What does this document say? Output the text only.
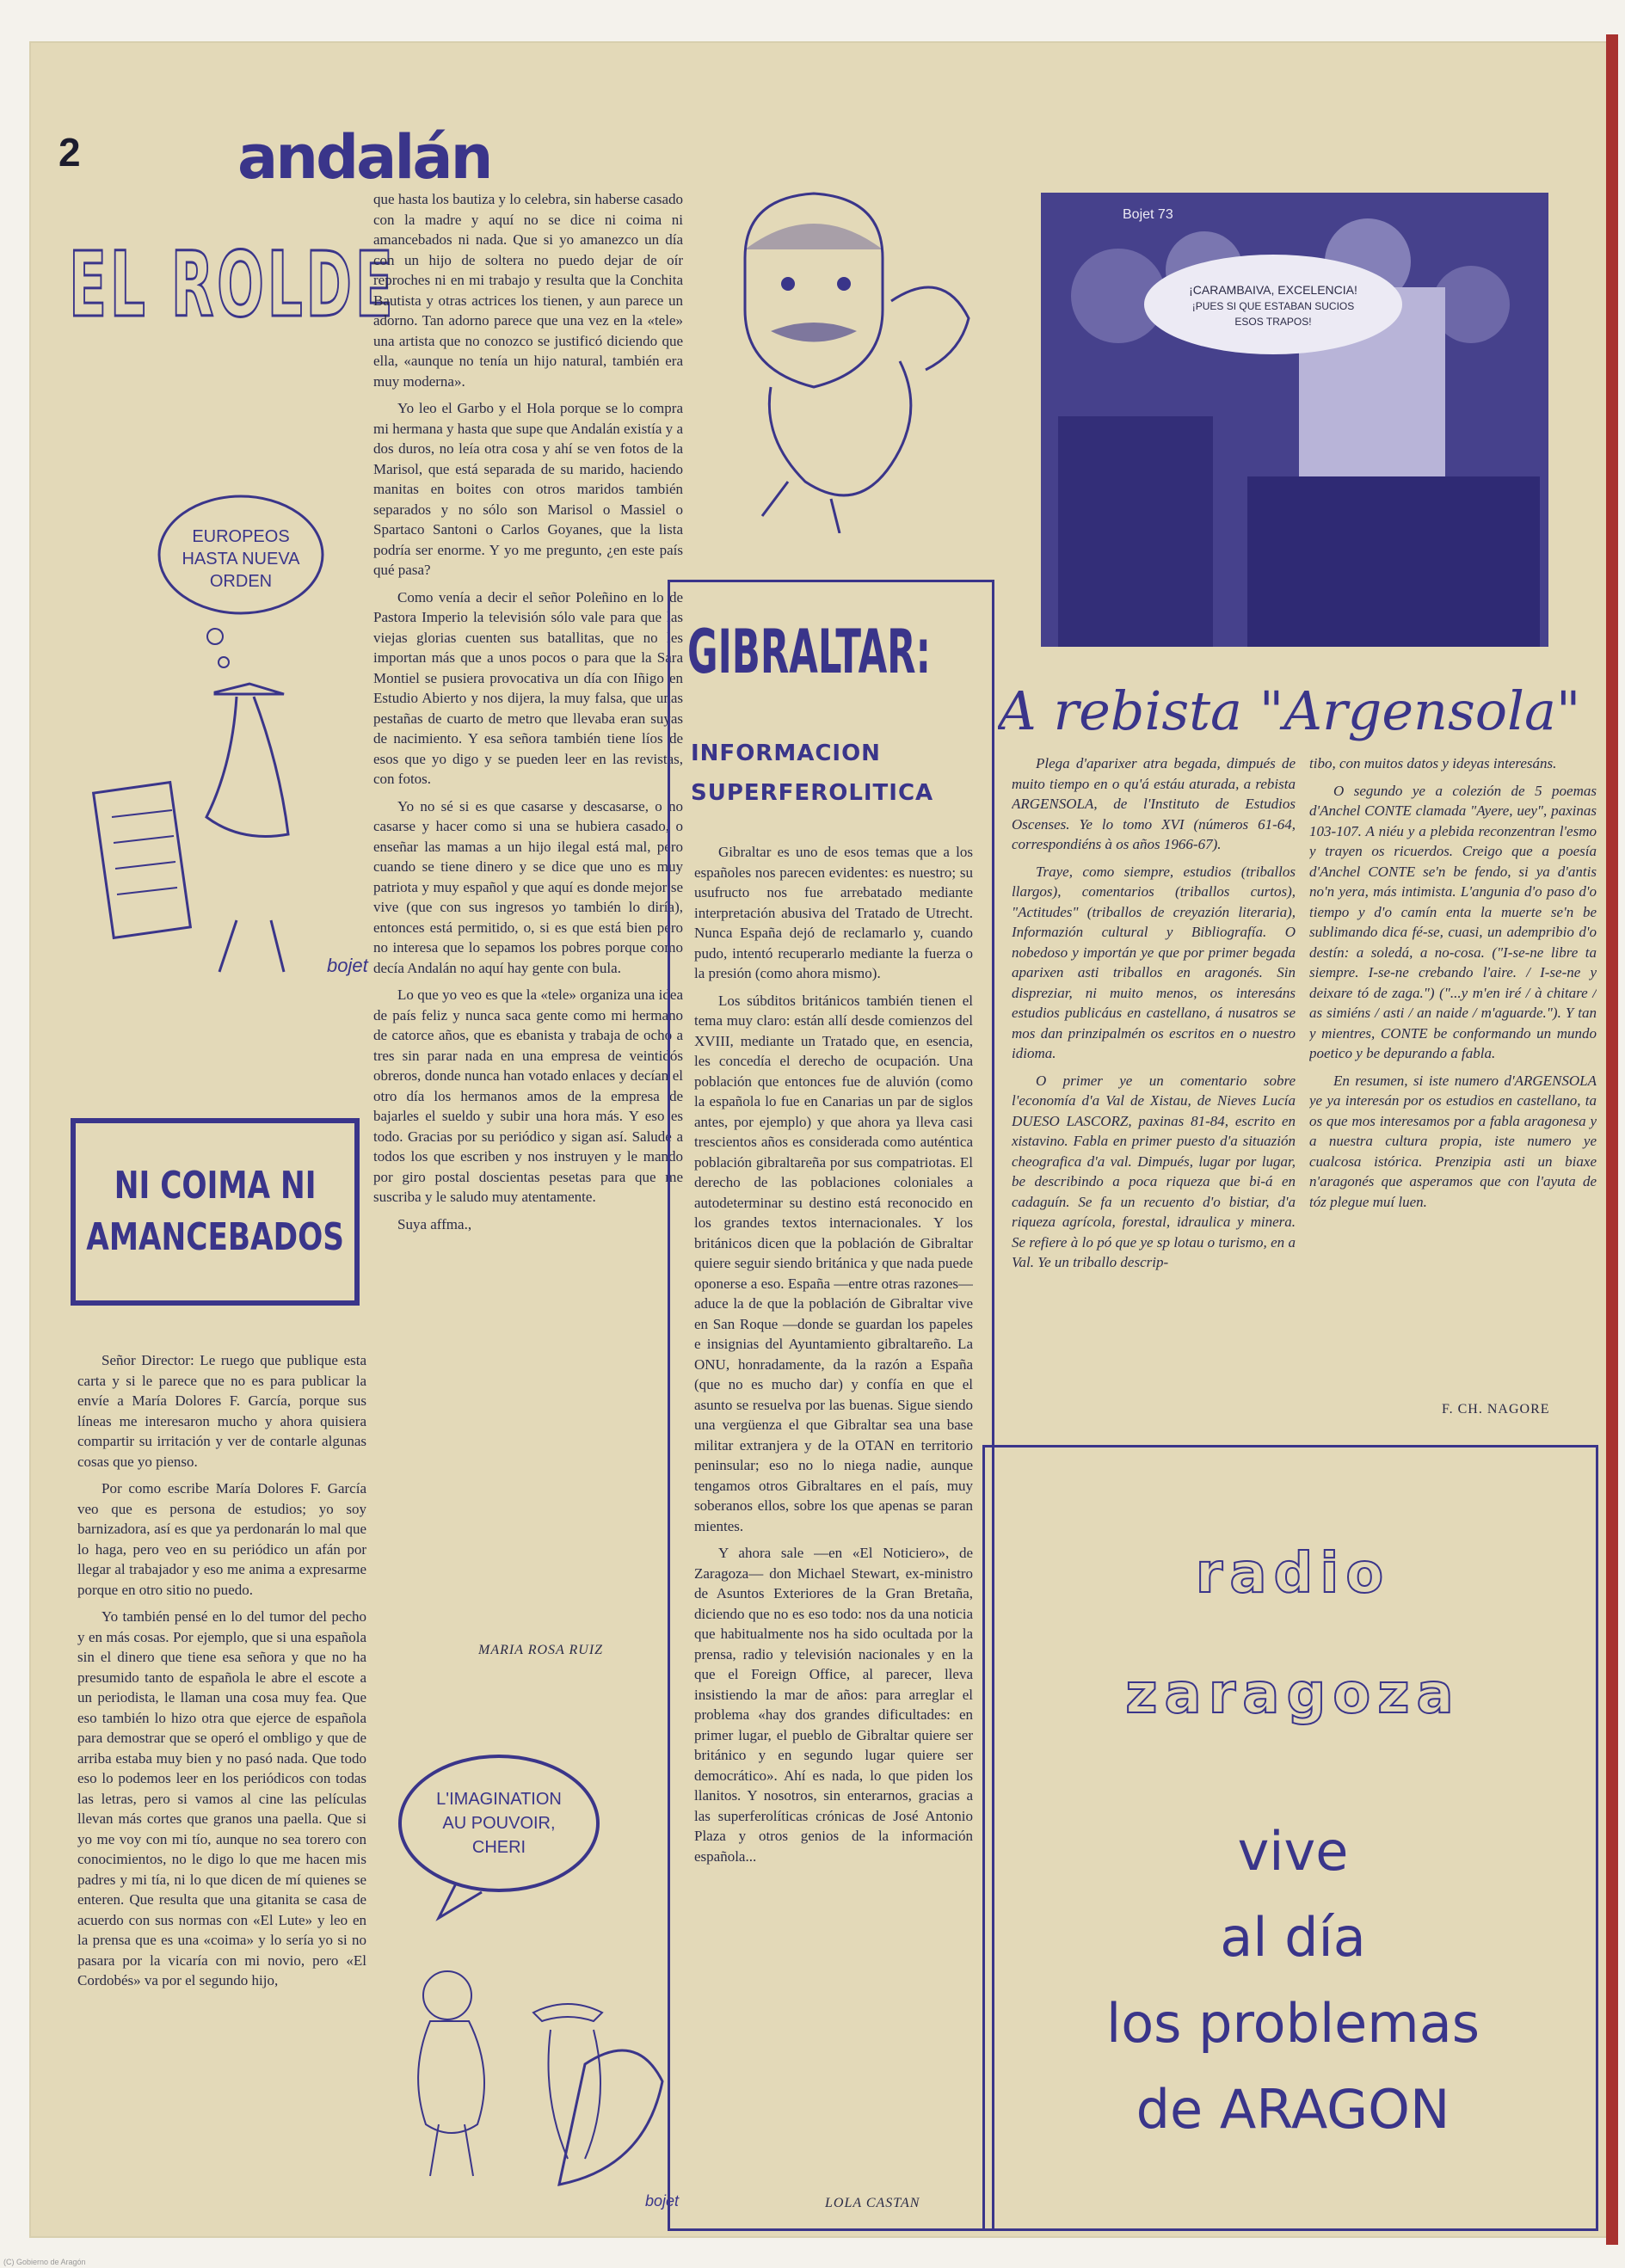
2	andalán
EL ROLDE
EUROPEOS
HASTA NUEVA
ORDEN
bojet
NI COIMA NI AMANCEBADOS

Señor Director: Le ruego que publique esta carta y si le parece que no es para publicar la envíe a María Dolores F. García, porque sus líneas me interesaron mucho y ahora quisiera compartir su irritación y ver de contarle algunas cosas que yo pienso.

Por como escribe María Dolores F. García veo que es persona de estudios; yo soy barnizadora, así es que ya perdonarán lo mal que lo haga, pero veo en su periódico un afán por llegar al trabajador y eso me anima a expresarme porque en otro sitio no puedo.

Yo también pensé en lo del tumor del pecho y en más cosas. Por ejemplo, que si una española sin el dinero que tiene esa señora y que no ha presumido tanto de española le abre el escote a un periodista, le llaman una cosa muy fea. Que eso también lo hizo otra que ejerce de española para demostrar que se operó el ombligo y que de arriba estaba muy bien y no pasó nada. Que todo eso lo podemos leer en los periódicos con todas las letras, pero si vamos al cine las películas llevan más cortes que granos una paella. Que si yo me voy con mi tío, aunque no sea torero con conocimientos, no le digo lo que me hacen mis padres y mi tía, ni lo que dicen de mí quienes se enteren. Que resulta que una gitanita se casa de acuerdo con sus normas con «El Lute» y leo en la prensa que es una «coima» y lo sería yo si no pasara por la vicaría con mi novio, pero «El Cordobés» va por el segundo hijo,

que hasta los bautiza y lo celebra, sin haberse casado con la madre y aquí no se dice ni coima ni amancebados ni nada. Que si yo amanezco un día con un hijo de soltera no puedo dejar de oír reproches ni en mi trabajo y resulta que la Conchita Bautista y otras actrices los tienen, y aun parece un adorno. Tan adorno parece que una vez en la «tele» una artista que no conozco se justificó diciendo que ella, «aunque no tenía un hijo natural, también era muy moderna».

Yo leo el Garbo y el Hola porque se lo compra mi hermana y hasta que supe que Andalán existía y a dos duros, no leía otra cosa y ahí se ven fotos de la Marisol, que está separada de su marido, haciendo manitas en boites con otros maridos también separados y no sólo son Marisol o Massiel o Spartaco Santoni o Carlos Goyanes, que la lista podría ser enorme. Y yo me pregunto, ¿en este país qué pasa?

Como venía a decir el señor Poleñino en lo de Pastora Imperio la televisión sólo vale para que las viejas glorias cuenten sus batallitas, que no les importan más que a unos pocos o para que la Sara Montiel se pusiera provocativa un día con Iñigo en Estudio Abierto y nos dijera, la muy falsa, que unas pestañas de cuarto de metro que llevaba eran suyas de nacimiento. Y esa señora también tiene líos de esos que yo digo y se pueden leer en las revistas, con fotos.

Yo no sé si es que casarse y descasarse, o no casarse y hacer como si una se hubiera casado, o enseñar las mamas a un hijo ilegal está mal, pero cuando se tiene dinero y se dice que uno es muy patriota y muy español y que aquí es donde mejor se vive (que con sus ingresos yo también lo diría), entonces está permitido, o, si es que está bien pero no interesa que lo sepamos los pobres porque como decía Andalán no aquí hay gente con bula.

Lo que yo veo es que la «tele» organiza una idea de país feliz y nunca saca gente como mi hermano de catorce años, que es ebanista y trabaja de ocho a tres sin parar nada en una empresa de veintidós obreros, donde nunca han votado enlaces y decían el otro día los hermanos amos de la empresa de bajarles el sueldo y subir una hora más. Y eso es todo. Gracias por su periódico y sigan así. Salude a todos los que escriben y nos instruyen y le mando por giro postal doscientas pesetas para que me suscriba y le saludo muy atentamente.

Suya affma.,

MARIA ROSA RUIZ
L'IMAGINATION
AU POUVOIR,
CHERI
bojet
GIBRALTAR:
INFORMACION SUPERFEROLITICA

Gibraltar es uno de esos temas que a los españoles nos parecen evidentes: es nuestro; su usufructo nos fue arrebatado mediante interpretación abusiva del Tratado de Utrecht. Nunca España dejó de reclamarlo y, cuando pudo, intentó recuperarlo mediante la fuerza o la presión (como ahora mismo).

Los súbditos británicos también tienen el tema muy claro: están allí desde comienzos del XVIII, mediante un Tratado que, en esencia, les concedía el derecho de ocupación. Una población que entonces fue de aluvión (como la española lo fue en Canarias un par de siglos antes, por ejemplo) y que ahora ya lleva casi trescientos años es considerada como auténtica población gibraltareña por sus compatriotas. El derecho de las poblaciones coloniales a autodeterminar su destino está reconocido en los grandes textos internacionales. Y los británicos dicen que la población de Gibraltar quiere seguir siendo británica y que nada puede oponerse a eso. España —entre otras razones— aduce la de que la población de Gibraltar vive en San Roque —donde se guardan los papeles e insignias del Ayuntamiento gibraltareño. La ONU, honradamente, da la razón a España (que no es mucho dar) y confía en que el asunto se resuelva por las buenas. Sigue siendo una vergüenza el que Gibraltar sea una base militar extranjera y de la OTAN en territorio peninsular; eso no lo niega nadie, aunque tengamos otros Gibraltares en el país, muy soberanos ellos, sobre los que apenas se paran mientes.

Y ahora sale —en «El Noticiero», de Zaragoza— don Michael Stewart, ex-ministro de Asuntos Exteriores de la Gran Bretaña, diciendo que no es eso todo: nos da una noticia que habitualmente nos ha sido ocultada por la prensa, radio y televisión nacionales y en la que el Foreign Office, al parecer, lleva insistiendo la mar de años: para arreglar el problema «hay dos grandes dificultades: en primer lugar, el pueblo de Gibraltar quiere ser británico y en segundo lugar quiere ser democrático». Ahí es nada, lo que piden los llanitos. Y nosotros, sin enterarnos, gracias a las superferolíticas crónicas de José Antonio Plaza y otros genios de la información española...

LOLA CASTAN
¡CARAMBAIVA, EXCELENCIA!
¡PUES SI QUE ESTABAN SUCIOS
ESOS TRAPOS!
Bojet 73
A rebista "Argensola"

Plega d'aparixer atra begada, dimpués de muito tiempo en o qu'á estáu aturada, a rebista ARGENSOLA, de l'Instituto de Estudios Oscenses. Ye lo tomo XVI (números 61-64, correspondiéns à os años 1966-67).

Traye, como siempre, estudios (triballos llargos), comentarios (triballos curtos), "Actitudes" (triballos de creyazión literaria), Informazión cultural y Bibliografía. O nobedoso y importán ye que por primer begada aparixen asti triballos en aragonés. Sin dispreziar, ni muito menos, os interesáns estudios publicáus en castellano, á nusatros se mos dan prinzipalmén os escritos en o nuestro idioma.

O primer ye un comentario sobre l'economía d'a Val de Xistau, de Nieves Lucía DUESO LASCORZ, paxinas 81-84, escrito en xistavino. Fabla en primer puesto d'a situazión cheografica d'a val. Dimpués, lugar por lugar, be describindo a poca riqueza que bi-á en cadaguín. Se fa un recuento d'o bistiar, d'a riqueza agrícola, forestal, idraulica y minera. Se refiere à lo pó que ye sp lotau o turismo, en a Val. Ye un triballo descrip-

tibo, con muitos datos y ideyas interesáns.

O segundo ye a colezión de 5 poemas d'Anchel CONTE clamada "Ayere, uey", paxinas 103-107. A niéu y a plebida reconzentran l'esmo y trayen os ricuerdos. Creigo que a poesía d'Anchel CONTE se'n be fendo, si ya d'antis no'n yera, más intimista. L'angunia d'o paso d'o tiempo y d'o camín enta la muerte se'n be sublimando dica fé-se, cuasi, un adempribio d'o destín: a soledá, a no-cosa. ("I-se-ne libre ta siempre. I-se-ne crebando l'aire. / I-se-ne y deixare tó de zaga.") ("...y m'en iré / à chitare / as simiéns / asti / an naide / m'aguarde."). Y tan y mientres, CONTE be conformando un mundo poetico y be depurando a fabla.

En resumen, si iste numero d'ARGENSOLA ye ya interesán por os estudios en castellano, ta os que mos interesamos por a fabla aragonesa y a nuestra cultura propia, iste numero ye cualcosa istórica. Prenzipia asti un biaxe n'aragonés que asperamos que con l'ayuta de tóz plegue muí luen.

F. CH. NAGORE
radio
zaragoza
vive
al día
los problemas
de ARAGON
(C) Gobierno de Aragón
